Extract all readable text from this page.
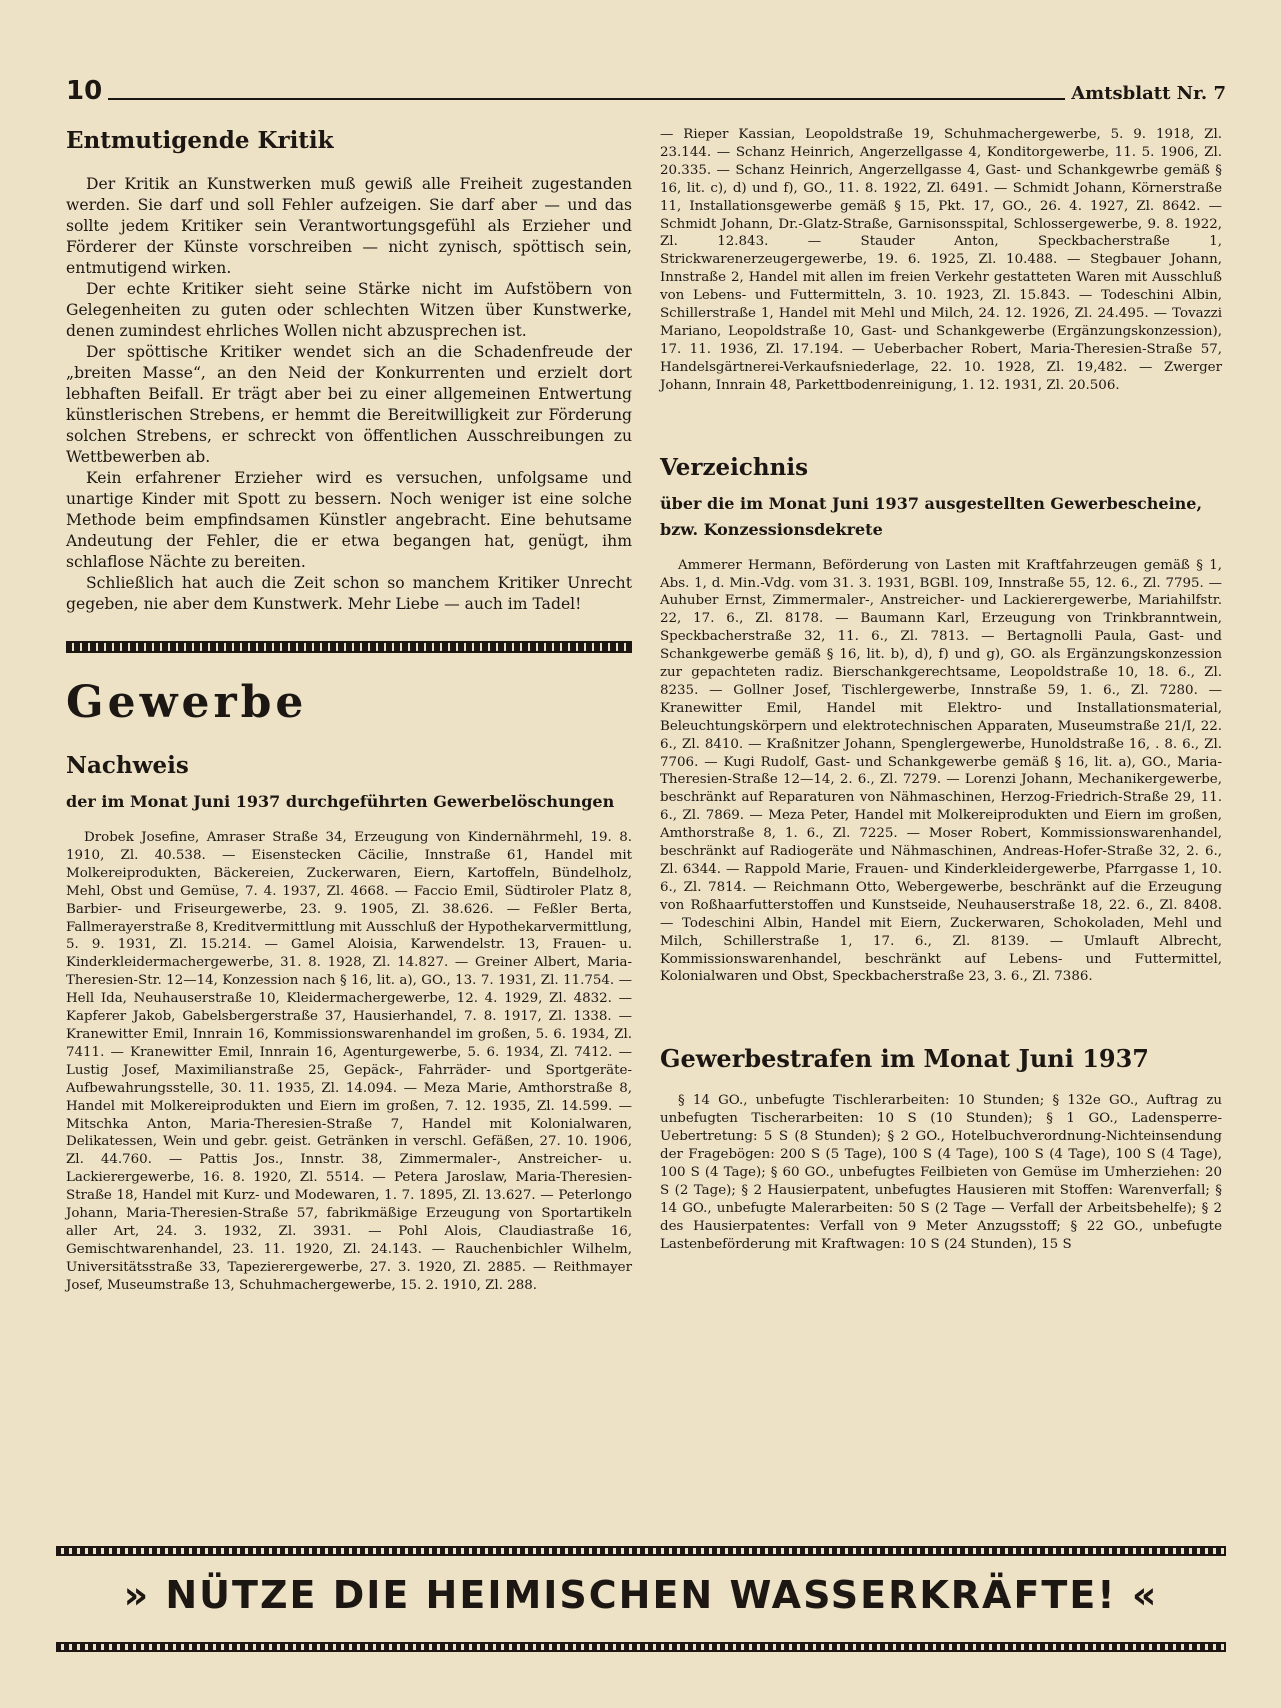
10	Amtsblatt Nr. 7
Entmutigende Kritik

Der Kritik an Kunstwerken muß gewiß alle Freiheit zugestanden werden. Sie darf und soll Fehler aufzeigen. Sie darf aber — und das sollte jedem Kritiker sein Verantwortungsgefühl als Erzieher und Förderer der Künste vorschreiben — nicht zynisch, spöttisch sein, entmutigend wirken.

Der echte Kritiker sieht seine Stärke nicht im Aufstöbern von Gelegenheiten zu guten oder schlechten Witzen über Kunstwerke, denen zumindest ehrliches Wollen nicht abzusprechen ist.

Der spöttische Kritiker wendet sich an die Schadenfreude der „breiten Masse“, an den Neid der Konkurrenten und erzielt dort lebhaften Beifall. Er trägt aber bei zu einer allgemeinen Entwertung künstlerischen Strebens, er hemmt die Bereitwilligkeit zur Förderung solchen Strebens, er schreckt von öffentlichen Ausschreibungen zu Wettbewerben ab.

Kein erfahrener Erzieher wird es versuchen, unfolgsame und unartige Kinder mit Spott zu bessern. Noch weniger ist eine solche Methode beim empfindsamen Künstler angebracht. Eine behutsame Andeutung der Fehler, die er etwa begangen hat, genügt, ihm schlaflose Nächte zu bereiten.

Schließlich hat auch die Zeit schon so manchem Kritiker Unrecht gegeben, nie aber dem Kunstwerk. Mehr Liebe — auch im Tadel!

Gewerbe
Nachweis
der im Monat Juni 1937 durchgeführten Gewerbelöschungen

Drobek Josefine, Amraser Straße 34, Erzeugung von Kindernährmehl, 19. 8. 1910, Zl. 40.538. — Eisenstecken Cäcilie, Innstraße 61, Handel mit Molkereiprodukten, Bäckereien, Zuckerwaren, Eiern, Kartoffeln, Bündelholz, Mehl, Obst und Gemüse, 7. 4. 1937, Zl. 4668. — Faccio Emil, Südtiroler Platz 8, Barbier- und Friseurgewerbe, 23. 9. 1905, Zl. 38.626. — Feßler Berta, Fallmerayerstraße 8, Kreditvermittlung mit Ausschluß der Hypothekarvermittlung, 5. 9. 1931, Zl. 15.214. — Gamel Aloisia, Karwendelstr. 13, Frauen- u. Kinderkleidermachergewerbe, 31. 8. 1928, Zl. 14.827. — Greiner Albert, Maria-Theresien-Str. 12—14, Konzession nach § 16, lit. a), GO., 13. 7. 1931, Zl. 11.754. — Hell Ida, Neuhauserstraße 10, Kleidermachergewerbe, 12. 4. 1929, Zl. 4832. — Kapferer Jakob, Gabelsbergerstraße 37, Hausierhandel, 7. 8. 1917, Zl. 1338. — Kranewitter Emil, Innrain 16, Kommissionswarenhandel im großen, 5. 6. 1934, Zl. 7411. — Kranewitter Emil, Innrain 16, Agenturgewerbe, 5. 6. 1934, Zl. 7412. — Lustig Josef, Maximilianstraße 25, Gepäck-, Fahrräder- und Sportgeräte-Aufbewahrungsstelle, 30. 11. 1935, Zl. 14.094. — Meza Marie, Amthorstraße 8, Handel mit Molkereiprodukten und Eiern im großen, 7. 12. 1935, Zl. 14.599. — Mitschka Anton, Maria-Theresien-Straße 7, Handel mit Kolonialwaren, Delikatessen, Wein und gebr. geist. Getränken in verschl. Gefäßen, 27. 10. 1906, Zl. 44.760. — Pattis Jos., Innstr. 38, Zimmermaler-, Anstreicher- u. Lackierergewerbe, 16. 8. 1920, Zl. 5514. — Petera Jaroslaw, Maria-Theresien-Straße 18, Handel mit Kurz- und Modewaren, 1. 7. 1895, Zl. 13.627. — Peterlongo Johann, Maria-Theresien-Straße 57, fabrikmäßige Erzeugung von Sportartikeln aller Art, 24. 3. 1932, Zl. 3931. — Pohl Alois, Claudiastraße 16, Gemischtwarenhandel, 23. 11. 1920, Zl. 24.143. — Rauchenbichler Wilhelm, Universitätsstraße 33, Tapezierergewerbe, 27. 3. 1920, Zl. 2885. — Reithmayer Josef, Museumstraße 13, Schuhmachergewerbe, 15. 2. 1910, Zl. 288.

— Rieper Kassian, Leopoldstraße 19, Schuhmachergewerbe, 5. 9. 1918, Zl. 23.144. — Schanz Heinrich, Angerzellgasse 4, Konditorgewerbe, 11. 5. 1906, Zl. 20.335. — Schanz Heinrich, Angerzellgasse 4, Gast- und Schankgewrbe gemäß § 16, lit. c), d) und f), GO., 11. 8. 1922, Zl. 6491. — Schmidt Johann, Körnerstraße 11, Installationsgewerbe gemäß § 15, Pkt. 17, GO., 26. 4. 1927, Zl. 8642. — Schmidt Johann, Dr.-Glatz-Straße, Garnisonsspital, Schlossergewerbe, 9. 8. 1922, Zl. 12.843. — Stauder Anton, Speckbacherstraße 1, Strickwarenerzeugergewerbe, 19. 6. 1925, Zl. 10.488. — Stegbauer Johann, Innstraße 2, Handel mit allen im freien Verkehr gestatteten Waren mit Ausschluß von Lebens- und Futtermitteln, 3. 10. 1923, Zl. 15.843. — Todeschini Albin, Schillerstraße 1, Handel mit Mehl und Milch, 24. 12. 1926, Zl. 24.495. — Tovazzi Mariano, Leopoldstraße 10, Gast- und Schankgewerbe (Ergänzungskonzession), 17. 11. 1936, Zl. 17.194. — Ueberbacher Robert, Maria-Theresien-Straße 57, Handelsgärtnerei-Verkaufsniederlage, 22. 10. 1928, Zl. 19,482. — Zwerger Johann, Innrain 48, Parkettbodenreinigung, 1. 12. 1931, Zl. 20.506.

Verzeichnis
über die im Monat Juni 1937 ausgestellten Gewerbescheine, bzw. Konzessionsdekrete

Ammerer Hermann, Beförderung von Lasten mit Kraftfahrzeugen gemäß § 1, Abs. 1, d. Min.-Vdg. vom 31. 3. 1931, BGBl. 109, Innstraße 55, 12. 6., Zl. 7795. — Auhuber Ernst, Zimmermaler-, Anstreicher- und Lackierergewerbe, Mariahilfstr. 22, 17. 6., Zl. 8178. — Baumann Karl, Erzeugung von Trinkbranntwein, Speckbacherstraße 32, 11. 6., Zl. 7813. — Bertagnolli Paula, Gast- und Schankgewerbe gemäß § 16, lit. b), d), f) und g), GO. als Ergänzungskonzession zur gepachteten radiz. Bierschankgerechtsame, Leopoldstraße 10, 18. 6., Zl. 8235. — Gollner Josef, Tischlergewerbe, Innstraße 59, 1. 6., Zl. 7280. — Kranewitter Emil, Handel mit Elektro- und Installationsmaterial, Beleuchtungskörpern und elektrotechnischen Apparaten, Museumstraße 21/I, 22. 6., Zl. 8410. — Kraßnitzer Johann, Spenglergewerbe, Hunoldstraße 16, . 8. 6., Zl. 7706. — Kugi Rudolf, Gast- und Schankgewerbe gemäß § 16, lit. a), GO., Maria-Theresien-Straße 12—14, 2. 6., Zl. 7279. — Lorenzi Johann, Mechanikergewerbe, beschränkt auf Reparaturen von Nähmaschinen, Herzog-Friedrich-Straße 29, 11. 6., Zl. 7869. — Meza Peter, Handel mit Molkereiprodukten und Eiern im großen, Amthorstraße 8, 1. 6., Zl. 7225. — Moser Robert, Kommissionswarenhandel, beschränkt auf Radiogeräte und Nähmaschinen, Andreas-Hofer-Straße 32, 2. 6., Zl. 6344. — Rappold Marie, Frauen- und Kinderkleidergewerbe, Pfarrgasse 1, 10. 6., Zl. 7814. — Reichmann Otto, Webergewerbe, beschränkt auf die Erzeugung von Roßhaarfutterstoffen und Kunstseide, Neuhauserstraße 18, 22. 6., Zl. 8408. — Todeschini Albin, Handel mit Eiern, Zuckerwaren, Schokoladen, Mehl und Milch, Schillerstraße 1, 17. 6., Zl. 8139. — Umlauft Albrecht, Kommissionswarenhandel, beschränkt auf Lebens- und Futtermittel, Kolonialwaren und Obst, Speckbacherstraße 23, 3. 6., Zl. 7386.

Gewerbestrafen im Monat Juni 1937

§ 14 GO., unbefugte Tischlerarbeiten: 10 Stunden; § 132e GO., Auftrag zu unbefugten Tischerarbeiten: 10 S (10 Stunden); § 1 GO., Ladensperre-Uebertretung: 5 S (8 Stunden); § 2 GO., Hotelbuchverordnung-Nichteinsendung der Fragebögen: 200 S (5 Tage), 100 S (4 Tage), 100 S (4 Tage), 100 S (4 Tage), 100 S (4 Tage); § 60 GO., unbefugtes Feilbieten von Gemüse im Umherziehen: 20 S (2 Tage); § 2 Hausierpatent, unbefugtes Hausieren mit Stoffen: Warenverfall; § 14 GO., unbefugte Malerarbeiten: 50 S (2 Tage — Verfall der Arbeitsbehelfe); § 2 des Hausierpatentes: Verfall von 9 Meter Anzugsstoff; § 22 GO., unbefugte Lastenbeförderung mit Kraftwagen: 10 S (24 Stunden), 15 S

» NÜTZE DIE HEIMISCHEN WASSERKRÄFTE! «
